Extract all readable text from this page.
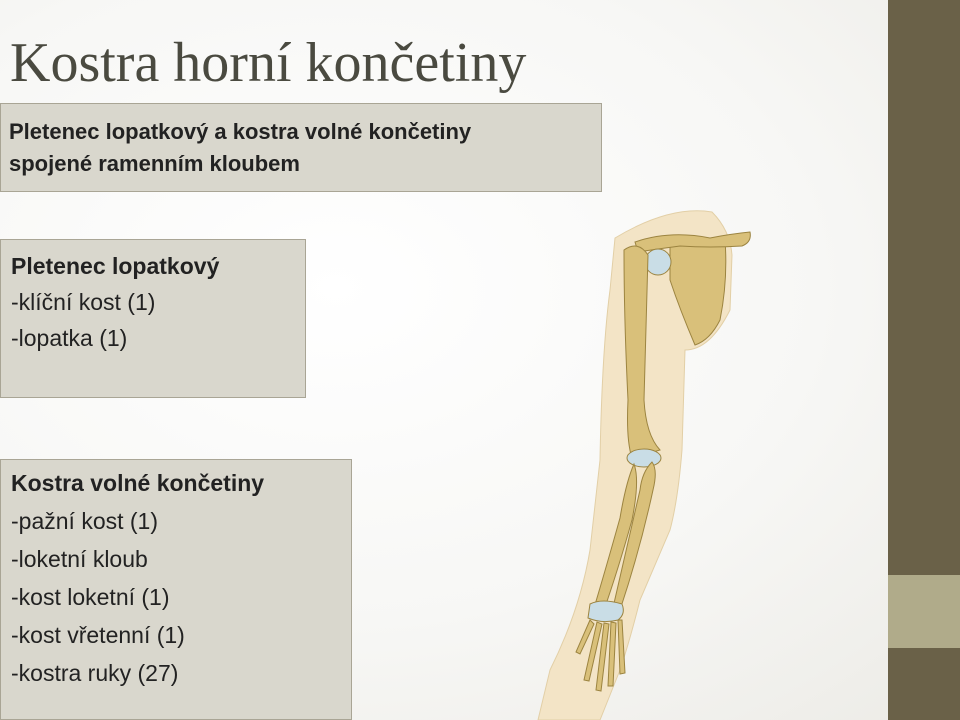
Kostra horní končetiny
Pletenec lopatkový a kostra volné končetiny
spojené ramenním kloubem
Pletenec lopatkový
-klíční kost (1)
-lopatka (1)
Kostra volné končetiny
-pažní kost (1)
-loketní kloub
-kost loketní (1)
-kost vřetenní (1)
-kostra ruky (27)
